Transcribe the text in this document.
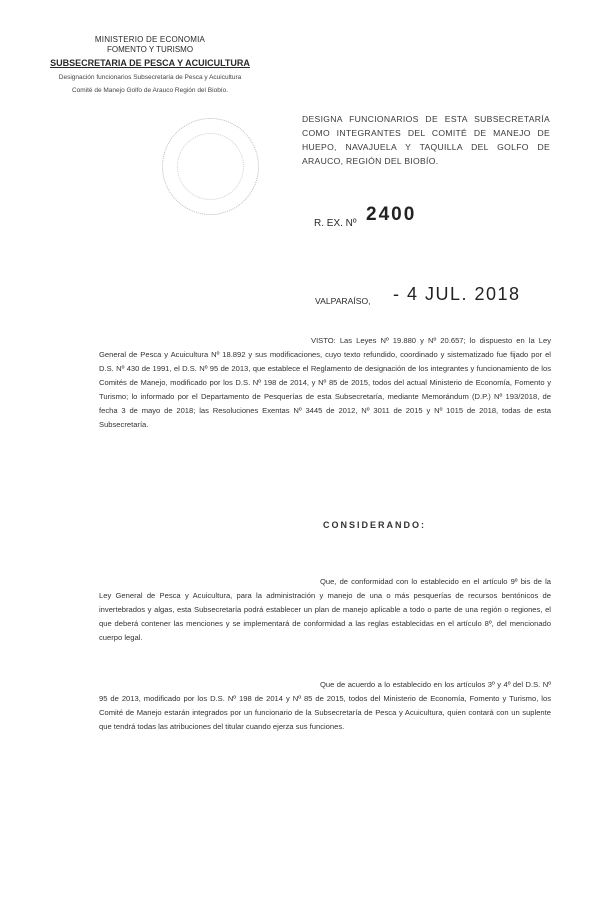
MINISTERIO DE ECONOMIA
FOMENTO Y TURISMO
SUBSECRETARIA DE PESCA Y ACUICULTURA
Designación funcionarios Subsecretaría de Pesca y Acuicultura
Comité de Manejo Golfo de Arauco Región del Biobío.
DESIGNA FUNCIONARIOS DE ESTA SUBSECRETARÍA COMO INTEGRANTES DEL COMITÉ DE MANEJO DE HUEPO, NAVAJUELA Y TAQUILLA DEL GOLFO DE ARAUCO, REGIÓN DEL BIOBÍO.
R. EX. Nº 2400
VALPARAÍSO, - 4 JUL. 2018
VISTO: Las Leyes Nº 19.880 y Nº 20.657; lo dispuesto en la Ley General de Pesca y Acuicultura Nº 18.892 y sus modificaciones, cuyo texto refundido, coordinado y sistematizado fue fijado por el D.S. Nº 430 de 1991, el D.S. Nº 95 de 2013, que establece el Reglamento de designación de los integrantes y funcionamiento de los Comités de Manejo, modificado por los D.S. Nº 198 de 2014, y Nº 85 de 2015, todos del actual Ministerio de Economía, Fomento y Turismo; lo informado por el Departamento de Pesquerías de esta Subsecretaría, mediante Memorándum (D.P.) Nº 193/2018, de fecha 3 de mayo de 2018; las Resoluciones Exentas Nº 3445 de 2012, Nº 3011 de 2015 y Nº 1015 de 2018, todas de esta Subsecretaría.
CONSIDERANDO:
Que, de conformidad con lo establecido en el artículo 9º bis de la Ley General de Pesca y Acuicultura, para la administración y manejo de una o más pesquerías de recursos bentónicos de invertebrados y algas, esta Subsecretaría podrá establecer un plan de manejo aplicable a todo o parte de una región o regiones, el que deberá contener las menciones y se implementará de conformidad a las reglas establecidas en el artículo 8º, del mencionado cuerpo legal.
Que de acuerdo a lo establecido en los artículos 3º y 4º del D.S. Nº 95 de 2013, modificado por los D.S. Nº 198 de 2014 y Nº 85 de 2015, todos del Ministerio de Economía, Fomento y Turismo, los Comité de Manejo estarán integrados por un funcionario de la Subsecretaría de Pesca y Acuicultura, quien contará con un suplente que tendrá todas las atribuciones del titular cuando ejerza sus funciones.
